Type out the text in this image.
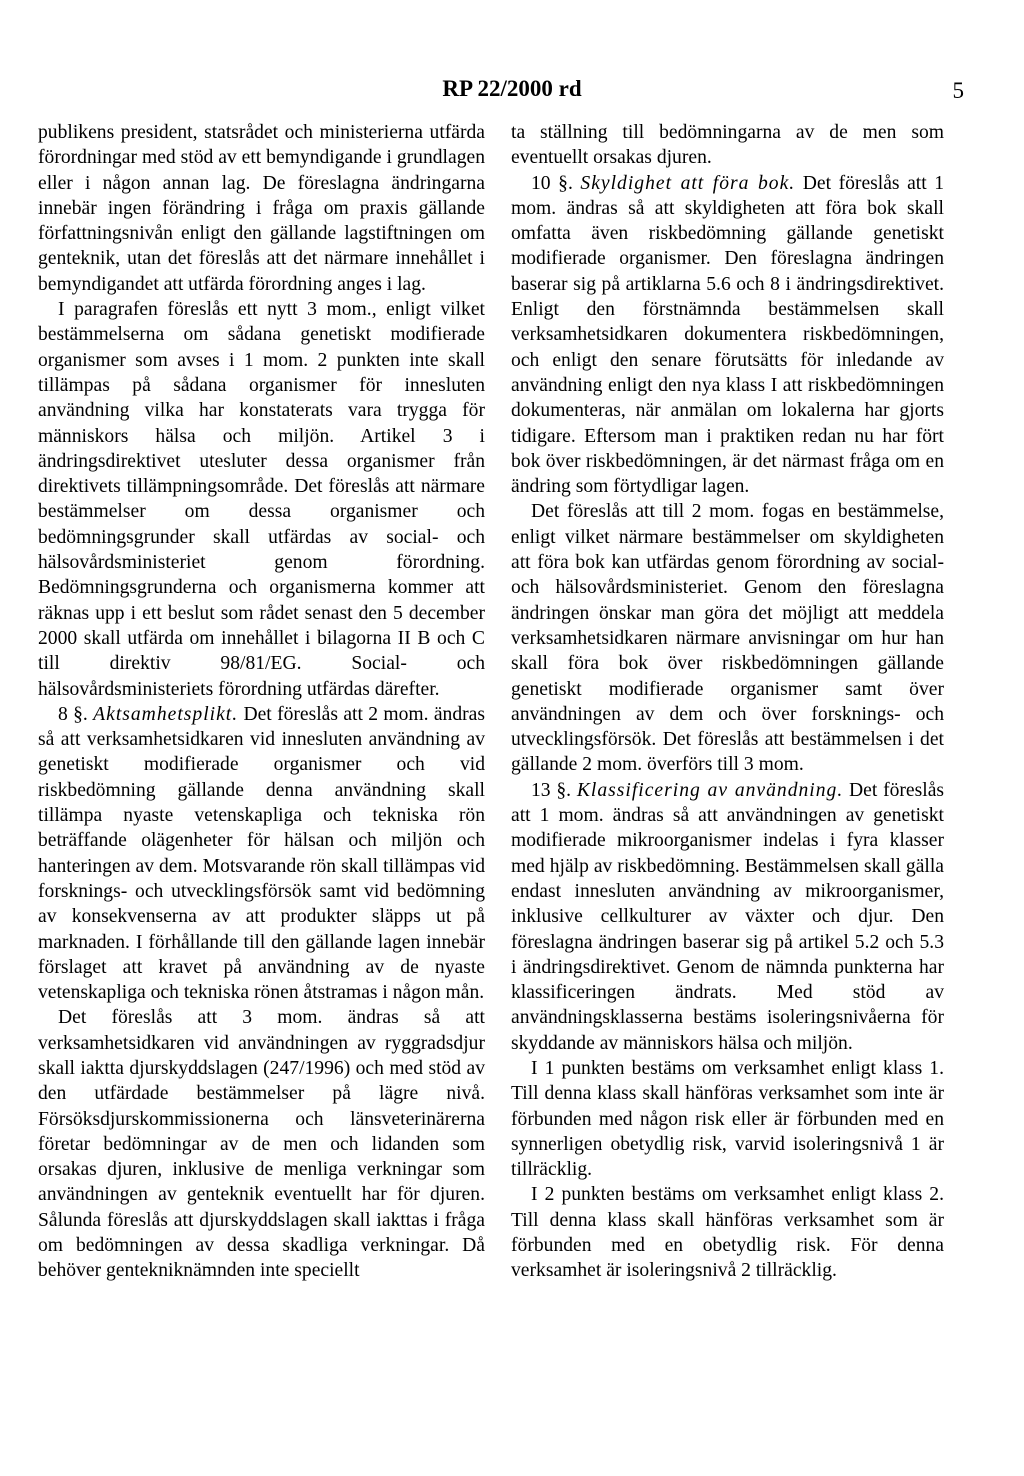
RP 22/2000 rd	5

publikens president, statsrådet och ministerierna utfärda förordningar med stöd av ett bemyndigande i grundlagen eller i någon annan lag. De föreslagna ändringarna innebär ingen förändring i fråga om praxis gällande författningsnivån enligt den gällande lagstiftningen om genteknik, utan det föreslås att det närmare innehållet i bemyndigandet att utfärda förordning anges i lag.

I paragrafen föreslås ett nytt 3 mom., enligt vilket bestämmelserna om sådana genetiskt modifierade organismer som avses i 1 mom. 2 punkten inte skall tillämpas på sådana organismer för innesluten användning vilka har konstaterats vara trygga för människors hälsa och miljön. Artikel 3 i ändringsdirektivet utesluter dessa organismer från direktivets tillämpningsområde. Det föreslås att närmare bestämmelser om dessa organismer och bedömningsgrunder skall utfärdas av social- och hälsovårdsministeriet genom förordning. Bedömningsgrunderna och organismerna kommer att räknas upp i ett beslut som rådet senast den 5 december 2000 skall utfärda om innehållet i bilagorna II B och C till direktiv 98/81/EG. Social- och hälsovårdsministeriets förordning utfärdas därefter.

8 §. Aktsamhetsplikt. Det föreslås att 2 mom. ändras så att verksamhetsidkaren vid innesluten användning av genetiskt modifierade organismer och vid riskbedömning gällande denna användning skall tillämpa nyaste vetenskapliga och tekniska rön beträffande olägenheter för hälsan och miljön och hanteringen av dem. Motsvarande rön skall tillämpas vid forsknings- och utvecklingsförsök samt vid bedömning av konsekvenserna av att produkter släpps ut på marknaden. I förhållande till den gällande lagen innebär förslaget att kravet på användning av de nyaste vetenskapliga och tekniska rönen åtstramas i någon mån.

Det föreslås att 3 mom. ändras så att verksamhetsidkaren vid användningen av ryggradsdjur skall iaktta djurskyddslagen (247/1996) och med stöd av den utfärdade bestämmelser på lägre nivå. Försöksdjurskommissionerna och länsveterinärerna företar bedömningar av de men och lidanden som orsakas djuren, inklusive de menliga verkningar som användningen av genteknik eventuellt har för djuren. Sålunda föreslås att djurskyddslagen skall iakttas i fråga om bedömningen av dessa skadliga verkningar. Då behöver gentekniknämnden inte speciellt

ta ställning till bedömningarna av de men som eventuellt orsakas djuren.

10 §. Skyldighet att föra bok. Det föreslås att 1 mom. ändras så att skyldigheten att föra bok skall omfatta även riskbedömning gällande genetiskt modifierade organismer. Den föreslagna ändringen baserar sig på artiklarna 5.6 och 8 i ändringsdirektivet. Enligt den förstnämnda bestämmelsen skall verksamhetsidkaren dokumentera riskbedömningen, och enligt den senare förutsätts för inledande av användning enligt den nya klass I att riskbedömningen dokumenteras, när anmälan om lokalerna har gjorts tidigare. Eftersom man i praktiken redan nu har fört bok över riskbedömningen, är det närmast fråga om en ändring som förtydligar lagen.

Det föreslås att till 2 mom. fogas en bestämmelse, enligt vilket närmare bestämmelser om skyldigheten att föra bok kan utfärdas genom förordning av social- och hälsovårdsministeriet. Genom den föreslagna ändringen önskar man göra det möjligt att meddela verksamhetsidkaren närmare anvisningar om hur han skall föra bok över riskbedömningen gällande genetiskt modifierade organismer samt över användningen av dem och över forsknings- och utvecklingsförsök. Det föreslås att bestämmelsen i det gällande 2 mom. överförs till 3 mom.

13 §. Klassificering av användning. Det föreslås att 1 mom. ändras så att användningen av genetiskt modifierade mikroorganismer indelas i fyra klasser med hjälp av riskbedömning. Bestämmelsen skall gälla endast innesluten användning av mikroorganismer, inklusive cellkulturer av växter och djur. Den föreslagna ändringen baserar sig på artikel 5.2 och 5.3 i ändringsdirektivet. Genom de nämnda punkterna har klassificeringen ändrats. Med stöd av användningsklasserna bestäms isoleringsnivåerna för skyddande av människors hälsa och miljön.

I 1 punkten bestäms om verksamhet enligt klass 1. Till denna klass skall hänföras verksamhet som inte är förbunden med någon risk eller är förbunden med en synnerligen obetydlig risk, varvid isoleringsnivå 1 är tillräcklig.

I 2 punkten bestäms om verksamhet enligt klass 2. Till denna klass skall hänföras verksamhet som är förbunden med en obetydlig risk. För denna verksamhet är isoleringsnivå 2 tillräcklig.
